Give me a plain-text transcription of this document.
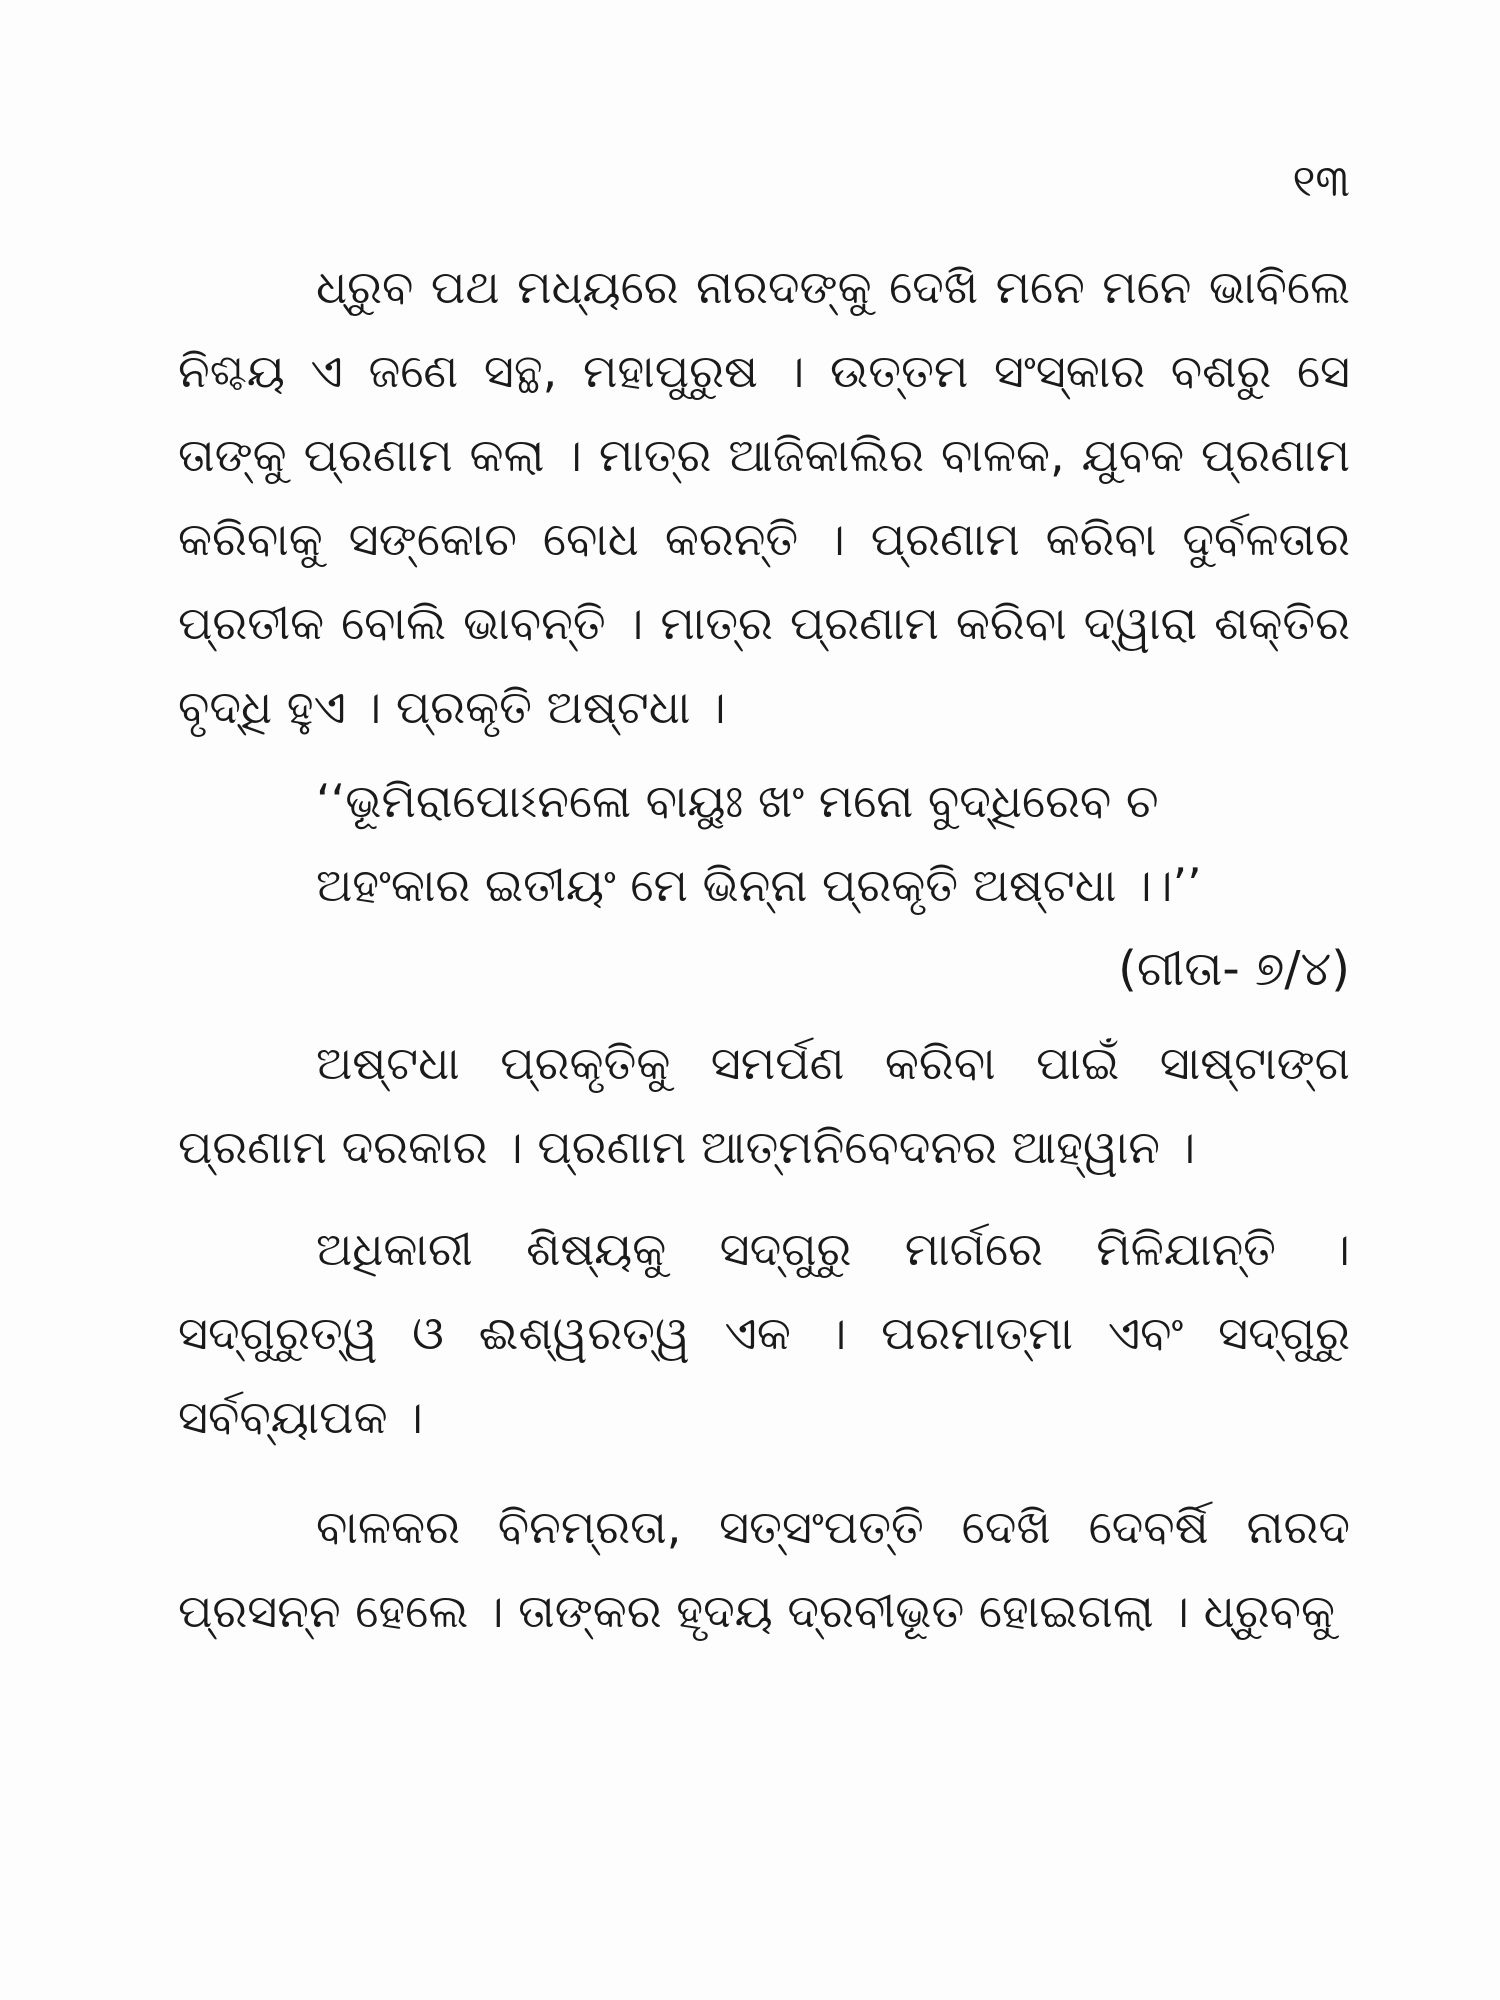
୧୩

ଧ୍ରୁବ ପଥ ମଧ୍ୟରେ ନାରଦଙ୍କୁ ଦେଖି ମନେ ମନେ ଭାବିଲେ ନିଶ୍ଚୟ ଏ ଜଣେ ସନ୍ଥ, ମହାପୁରୁଷ । ଉତ୍ତମ ସଂସ୍କାର ବଶରୁ ସେ ତାଙ୍କୁ ପ୍ରଣାମ କଲା । ମାତ୍ର ଆଜିକାଲିର ବାଳକ, ଯୁବକ ପ୍ରଣାମ କରିବାକୁ ସଙ୍କୋଚ ବୋଧ କରନ୍ତି । ପ୍ରଣାମ କରିବା ଦୁର୍ବଳତାର ପ୍ରତୀକ ବୋଲି ଭାବନ୍ତି । ମାତ୍ର ପ୍ରଣାମ କରିବା ଦ୍ୱାରା ଶକ୍ତିର ବୃଦ୍ଧି ହୁଏ । ପ୍ରକୃତି ଅଷ୍ଟଧା ।

‘‘ଭୂମିରାପୋଽନଳୋ ବାୟୁଃ ଖଂ ମନୋ ବୁଦ୍ଧିରେବ ଚ

ଅହଂକାର ଇତୀୟଂ ମେ ଭିନ୍ନା ପ୍ରକୃତି ଅଷ୍ଟଧା ।।’’

(ଗୀତା- ୭/୪)

ଅଷ୍ଟଧା ପ୍ରକୃତିକୁ ସମର୍ପଣ କରିବା ପାଇଁ ସାଷ୍ଟାଙ୍ଗ ପ୍ରଣାମ ଦରକାର । ପ୍ରଣାମ ଆତ୍ମନିବେଦନର ଆହ୍ୱାନ ।

ଅଧିକାରୀ ଶିଷ୍ୟକୁ ସଦ୍‌ଗୁରୁ ମାର୍ଗରେ ମିଳିଯାନ୍ତି । ସଦ୍‌ଗୁରୁତ୍ୱ ଓ ଈଶ୍ୱରତ୍ୱ ଏକ । ପରମାତ୍ମା ଏବଂ ସଦ୍‌ଗୁରୁ ସର୍ବବ୍ୟାପକ ।

ବାଳକର ବିନମ୍ରତା, ସତ୍‌ସଂପତ୍ତି ଦେଖି ଦେବର୍ଷି ନାରଦ ପ୍ରସନ୍ନ ହେଲେ । ତାଙ୍କର ହୃଦୟ ଦ୍ରବୀଭୂତ ହୋଇଗଲା । ଧ୍ରୁବକୁ
